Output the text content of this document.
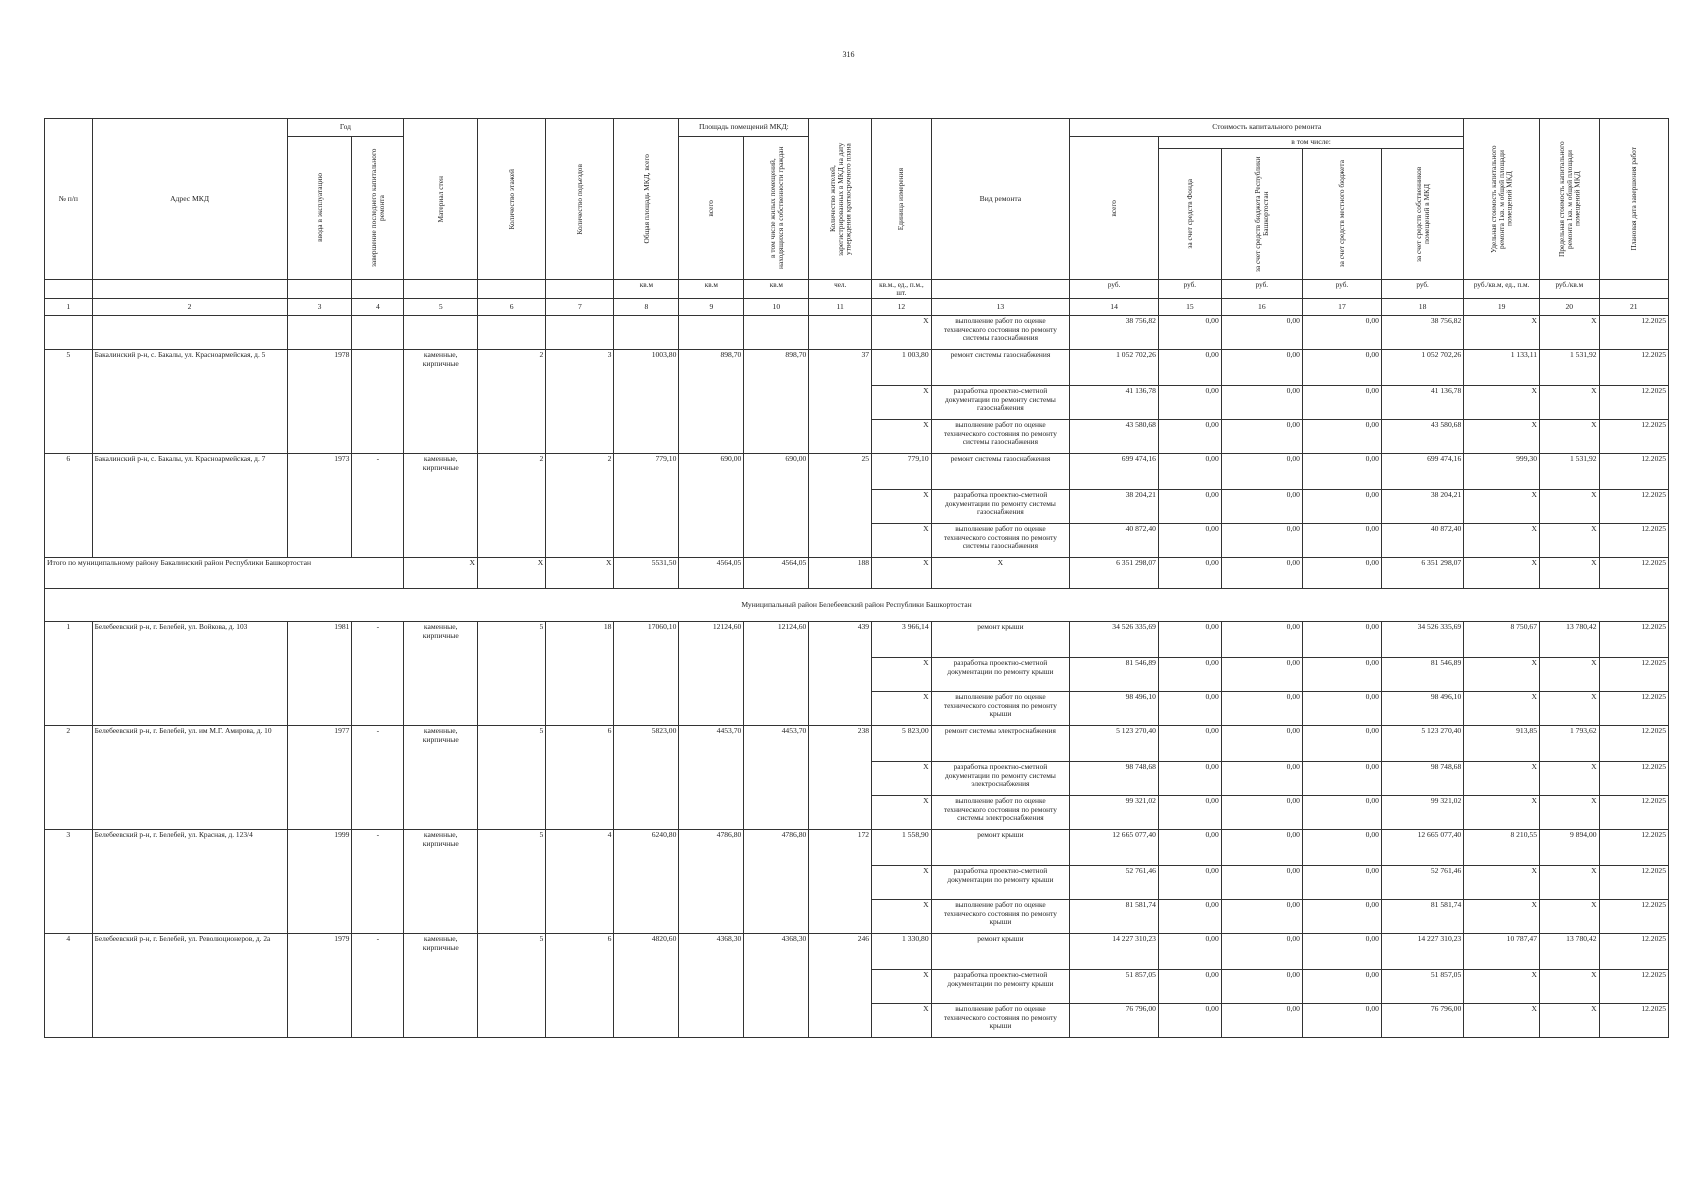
316
№ п/п	Адрес МКД	Год		Материал стен	Количество этажей	Количество подъездов	Общая площадь МКД, всего	Площадь помещений МКД:		Количество жителей, зарегистрированных в МКД на дату утверждения краткосрочного плана	Единица измерения	Вид ремонта	Стоимость капитального ремонта					Удельная стоимость капитального ремонта 1кв. м общей площади помещений МКД	Предельная стоимость капитального ремонта 1кв. м общей площади помещений МКД	Плановая дата завершения работ

		ввода в эксплуатацию	завершение последнего капитального ремонта					всего	в том числе жилых помещений, находящихся в собственности граждан				всего	в том числе:						

														за счет средств Фонда	за счет средств бюджета Республики Башкортостан	за счет средств местного бюджета	за счет средств собственников помещений в МКД			

							кв.м	кв.м	кв.м	чел.	кв.м., ед., п.м., шт.		руб.	руб.	руб.	руб.	руб.	руб./кв.м, ед., п.м.	руб./кв.м	
1	2	3	4	5	6	7	8	9	10	11	12	13	14	15	16	17	18	19	20	21
											X	выполнение работ по оценке технического состояния по ремонту системы газоснабжения	38 756,82	0,00	0,00	0,00	38 756,82	X	X	12.2025
5	Бакалинский р-н, с. Бакалы, ул. Красноармейская, д. 5	1978		каменные, кирпичные	2	3	1003,80	898,70	898,70	37	1 003,80	ремонт системы газоснабжения	1 052 702,26	0,00	0,00	0,00	1 052 702,26	1 133,11	1 531,92	12.2025
											X	разработка проектно-сметной документации по ремонту системы газоснабжения	41 136,78	0,00	0,00	0,00	41 136,78	X	X	12.2025
											X	выполнение работ по оценке технического состояния по ремонту системы газоснабжения	43 580,68	0,00	0,00	0,00	43 580,68	X	X	12.2025
6	Бакалинский р-н, с. Бакалы, ул. Красноармейская, д. 7	1973	-	каменные, кирпичные	2	2	779,10	690,00	690,00	25	779,10	ремонт системы газоснабжения	699 474,16	0,00	0,00	0,00	699 474,16	999,30	1 531,92	12.2025
											X	разработка проектно-сметной документации по ремонту системы газоснабжения	38 204,21	0,00	0,00	0,00	38 204,21	X	X	12.2025
											X	выполнение работ по оценке технического состояния по ремонту системы газоснабжения	40 872,40	0,00	0,00	0,00	40 872,40	X	X	12.2025
Итого по муниципальному району Бакалинский район Республики Башкортостан				X	X	X	5531,50	4564,05	4564,05	188	X	X	6 351 298,07	0,00	0,00	0,00	6 351 298,07	X	X	12.2025
Муниципальный район Белебеевский район Республики Башкортостан																				
1	Белебеевский р-н, г. Белебей, ул. Войкова, д. 103	1981	-	каменные, кирпичные	5	18	17060,10	12124,60	12124,60	439	3 966,14	ремонт крыши	34 526 335,69	0,00	0,00	0,00	34 526 335,69	8 750,67	13 780,42	12.2025
											X	разработка проектно-сметной документации по ремонту крыши	81 546,89	0,00	0,00	0,00	81 546,89	X	X	12.2025
											X	выполнение работ по оценке технического состояния по ремонту крыши	98 496,10	0,00	0,00	0,00	98 496,10	X	X	12.2025
2	Белебеевский р-н, г. Белебей, ул. им М.Г. Амирова, д. 10	1977	-	каменные, кирпичные	5	6	5823,00	4453,70	4453,70	238	5 823,00	ремонт системы электроснабжения	5 123 270,40	0,00	0,00	0,00	5 123 270,40	913,85	1 793,62	12.2025
											X	разработка проектно-сметной документации по ремонту системы электроснабжения	98 748,68	0,00	0,00	0,00	98 748,68	X	X	12.2025
											X	выполнение работ по оценке технического состояния по ремонту системы электроснабжения	99 321,02	0,00	0,00	0,00	99 321,02	X	X	12.2025
3	Белебеевский р-н, г. Белебей, ул. Красная, д. 123/4	1999	-	каменные, кирпичные	5	4	6240,80	4786,80	4786,80	172	1 558,90	ремонт крыши	12 665 077,40	0,00	0,00	0,00	12 665 077,40	8 210,55	9 894,00	12.2025
											X	разработка проектно-сметной документации по ремонту крыши	52 761,46	0,00	0,00	0,00	52 761,46	X	X	12.2025
											X	выполнение работ по оценке технического состояния по ремонту крыши	81 581,74	0,00	0,00	0,00	81 581,74	X	X	12.2025
4	Белебеевский р-н, г. Белебей, ул. Революционеров, д. 2а	1979	-	каменные, кирпичные	5	6	4820,60	4368,30	4368,30	246	1 330,80	ремонт крыши	14 227 310,23	0,00	0,00	0,00	14 227 310,23	10 787,47	13 780,42	12.2025
											X	разработка проектно-сметной документации по ремонту крыши	51 857,05	0,00	0,00	0,00	51 857,05	X	X	12.2025
											X	выполнение работ по оценке технического состояния по ремонту крыши	76 796,00	0,00	0,00	0,00	76 796,00	X	X	12.2025
